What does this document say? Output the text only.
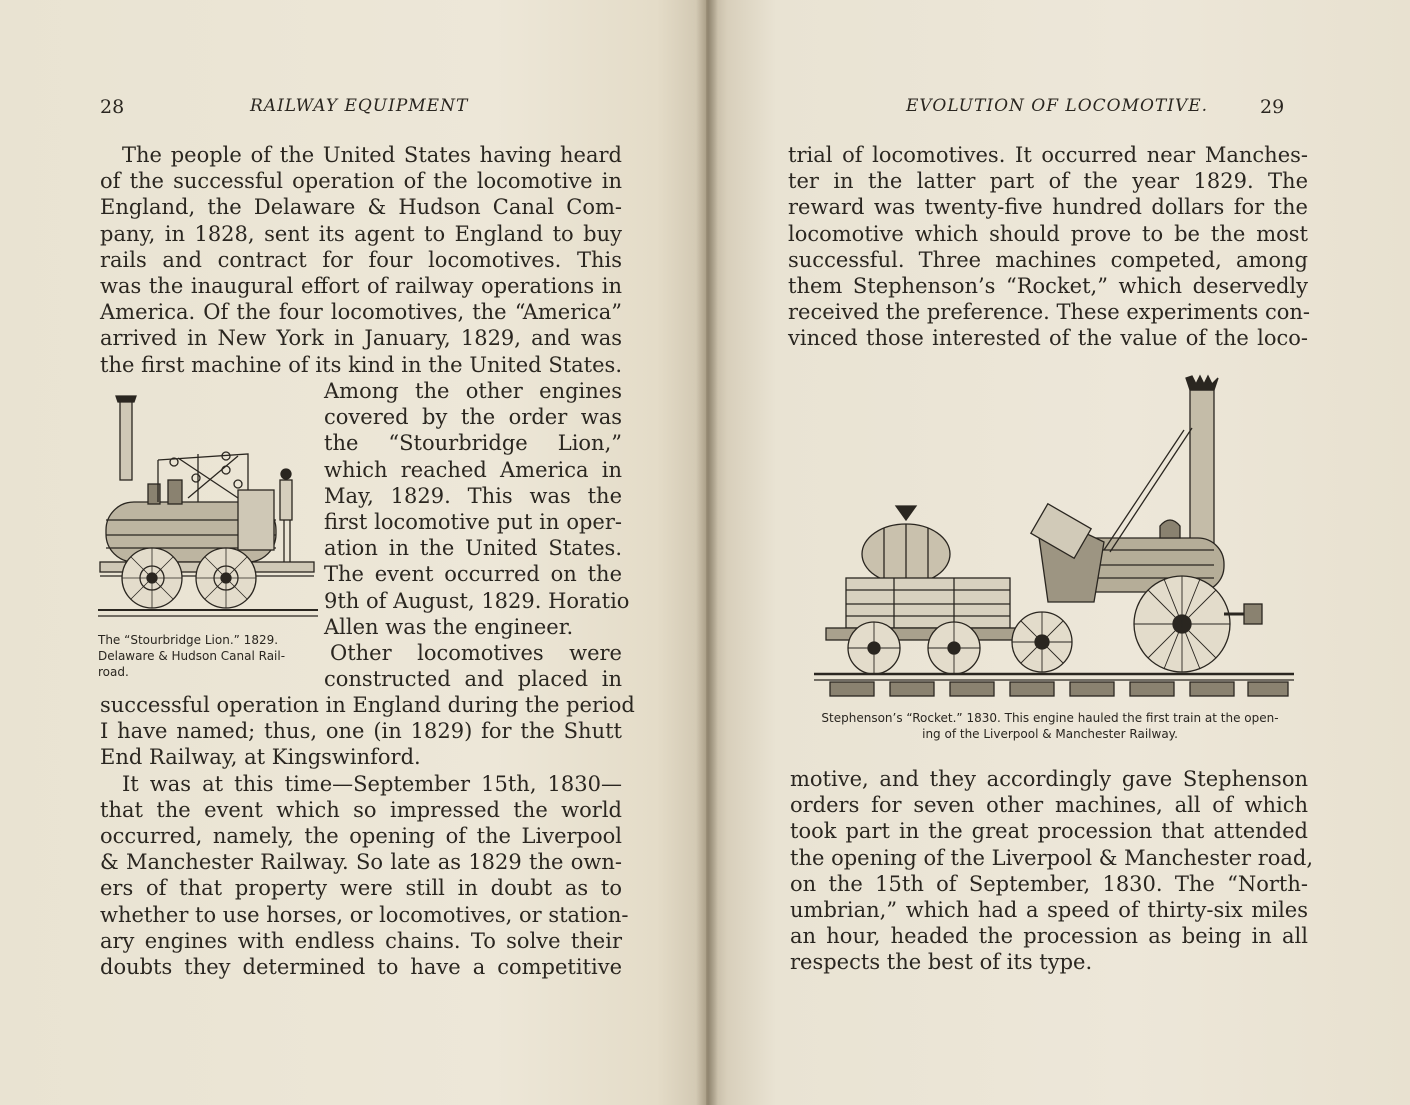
28	RAILWAY EQUIPMENT
The people of the United States having heard
of the successful operation of the locomotive in
England, the Delaware & Hudson Canal Com-
pany, in 1828, sent its agent to England to buy
rails and contract for four locomotives. This
was the inaugural effort of railway operations in
America. Of the four locomotives, the “America”
arrived in New York in January, 1829, and was
the first machine of its kind in the United States.
Among the other engines
covered by the order was
the “Stourbridge Lion,”
which reached America in
May, 1829. This was the
first locomotive put in oper-
ation in the United States.
The event occurred on the
9th of August, 1829. Horatio
Allen was the engineer.
Other locomotives were
constructed and placed in
successful operation in England during the period
I have named; thus, one (in 1829) for the Shutt
End Railway, at Kingswinford.
It was at this time—September 15th, 1830—
that the event which so impressed the world
occurred, namely, the opening of the Liverpool
& Manchester Railway. So late as 1829 the own-
ers of that property were still in doubt as to
whether to use horses, or locomotives, or station-
ary engines with endless chains. To solve their
doubts they determined to have a competitive
The “Stourbridge Lion.” 1829.
Delaware & Hudson Canal Rail-
road.
EVOLUTION OF LOCOMOTIVE.	29
trial of locomotives. It occurred near Manches-
ter in the latter part of the year 1829. The
reward was twenty-five hundred dollars for the
locomotive which should prove to be the most
successful. Three machines competed, among
them Stephenson’s “Rocket,” which deservedly
received the preference. These experiments con-
vinced those interested of the value of the loco-
Stephenson’s “Rocket.” 1830. This engine hauled the first train at the open-
ing of the Liverpool & Manchester Railway.
motive, and they accordingly gave Stephenson
orders for seven other machines, all of which
took part in the great procession that attended
the opening of the Liverpool & Manchester road,
on the 15th of September, 1830. The “North-
umbrian,” which had a speed of thirty-six miles
an hour, headed the procession as being in all
respects the best of its type.
